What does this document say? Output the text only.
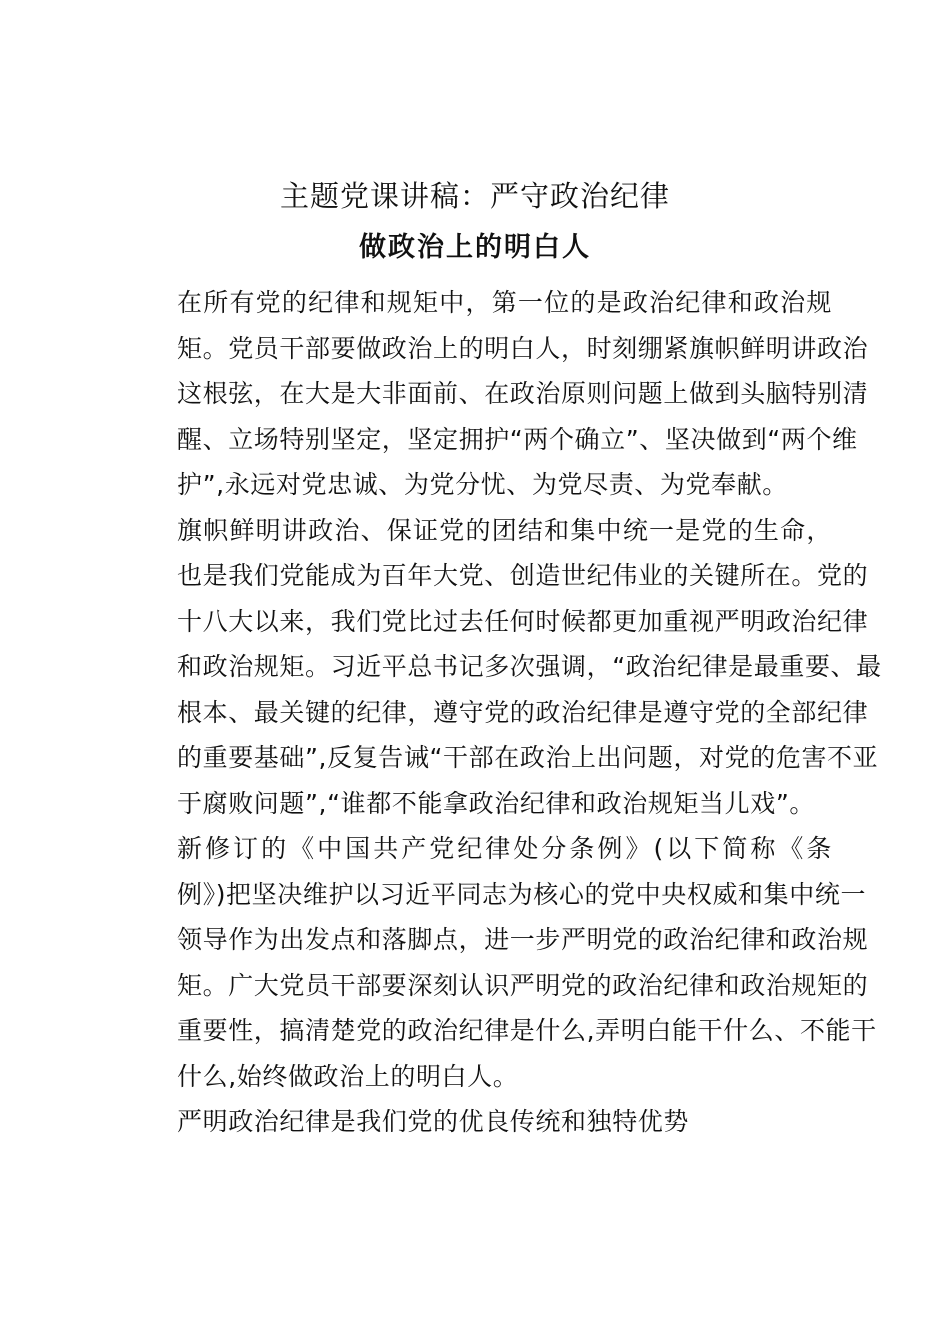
主题党课讲稿：严守政治纪律
做政治上的明白人
在所有党的纪律和规矩中，第一位的是政治纪律和政治规
矩。党员干部要做政治上的明白人，时刻绷紧旗帜鲜明讲政治
这根弦，在大是大非面前、在政治原则问题上做到头脑特别清
醒、立场特别坚定，坚定拥护“两个确立”、坚决做到“两个维
护”,永远对党忠诚、为党分忧、为党尽责、为党奉献。
旗帜鲜明讲政治、保证党的团结和集中统一是党的生命，
也是我们党能成为百年大党、创造世纪伟业的关键所在。党的
十八大以来，我们党比过去任何时候都更加重视严明政治纪律
和政治规矩。习近平总书记多次强调，“政治纪律是最重要、最
根本、最关键的纪律，遵守党的政治纪律是遵守党的全部纪律
的重要基础”,反复告诫“干部在政治上出问题，对党的危害不亚
于腐败问题”,“谁都不能拿政治纪律和政治规矩当儿戏”。
新修订的《中国共产党纪律处分条例》(以下简称《条
例》)把坚决维护以习近平同志为核心的党中央权威和集中统一
领导作为出发点和落脚点，进一步严明党的政治纪律和政治规
矩。广大党员干部要深刻认识严明党的政治纪律和政治规矩的
重要性，搞清楚党的政治纪律是什么,弄明白能干什么、不能干
什么,始终做政治上的明白人。
严明政治纪律是我们党的优良传统和独特优势
